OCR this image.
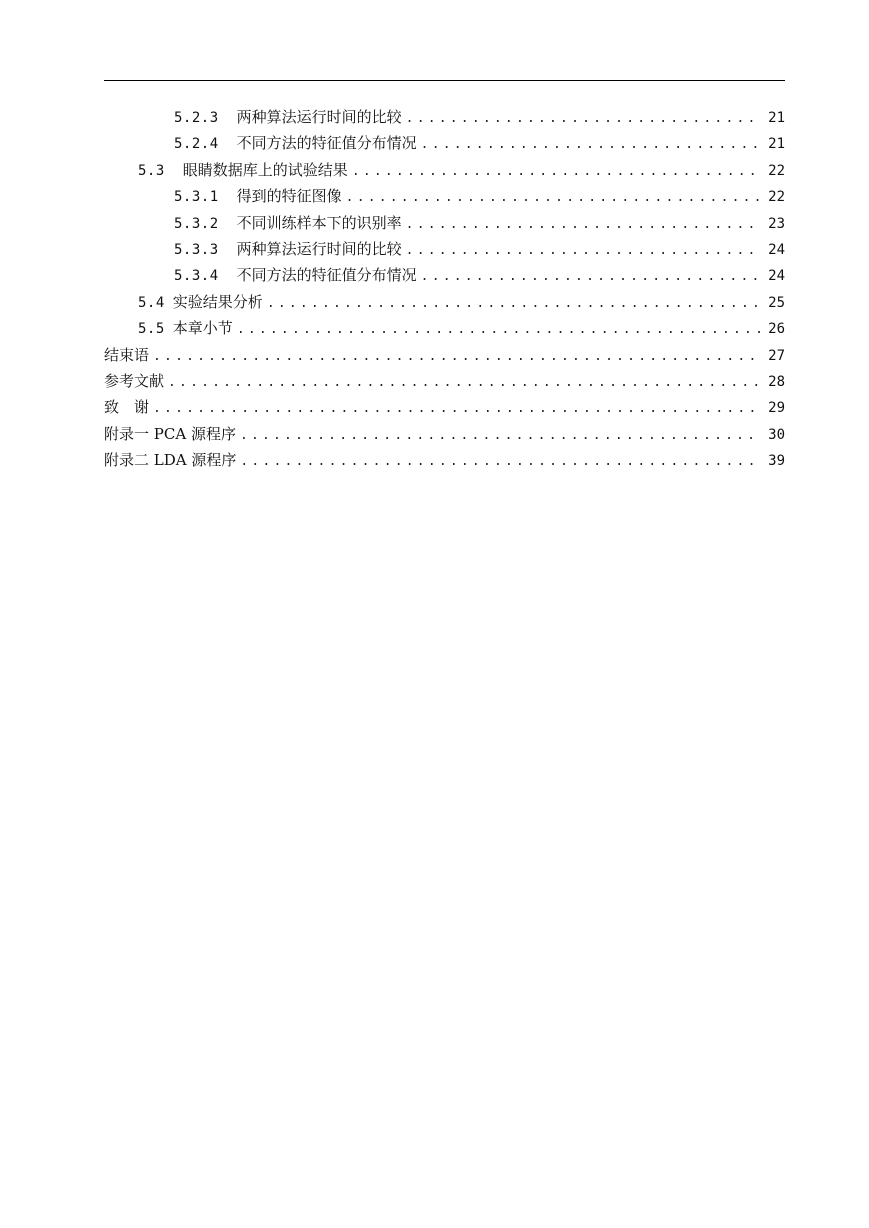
5.2.3 两种算法运行时间的比较 .....	21
5.2.4 不同方法的特征值分布情况 .....	21
5.3 眼睛数据库上的试验结果 .....	22
5.3.1 得到的特征图像 .....	22
5.3.2 不同训练样本下的识别率 .....	23
5.3.3 两种算法运行时间的比较 .....	24
5.3.4 不同方法的特征值分布情况 .....	24
5.4 实验结果分析 .....	25
5.5 本章小节 .....	26
结束语 .....	27
参考文献 .....	28
致　谢 .....	29
附录一 PCA 源程序 .....	30
附录二 LDA 源程序 .....	39
